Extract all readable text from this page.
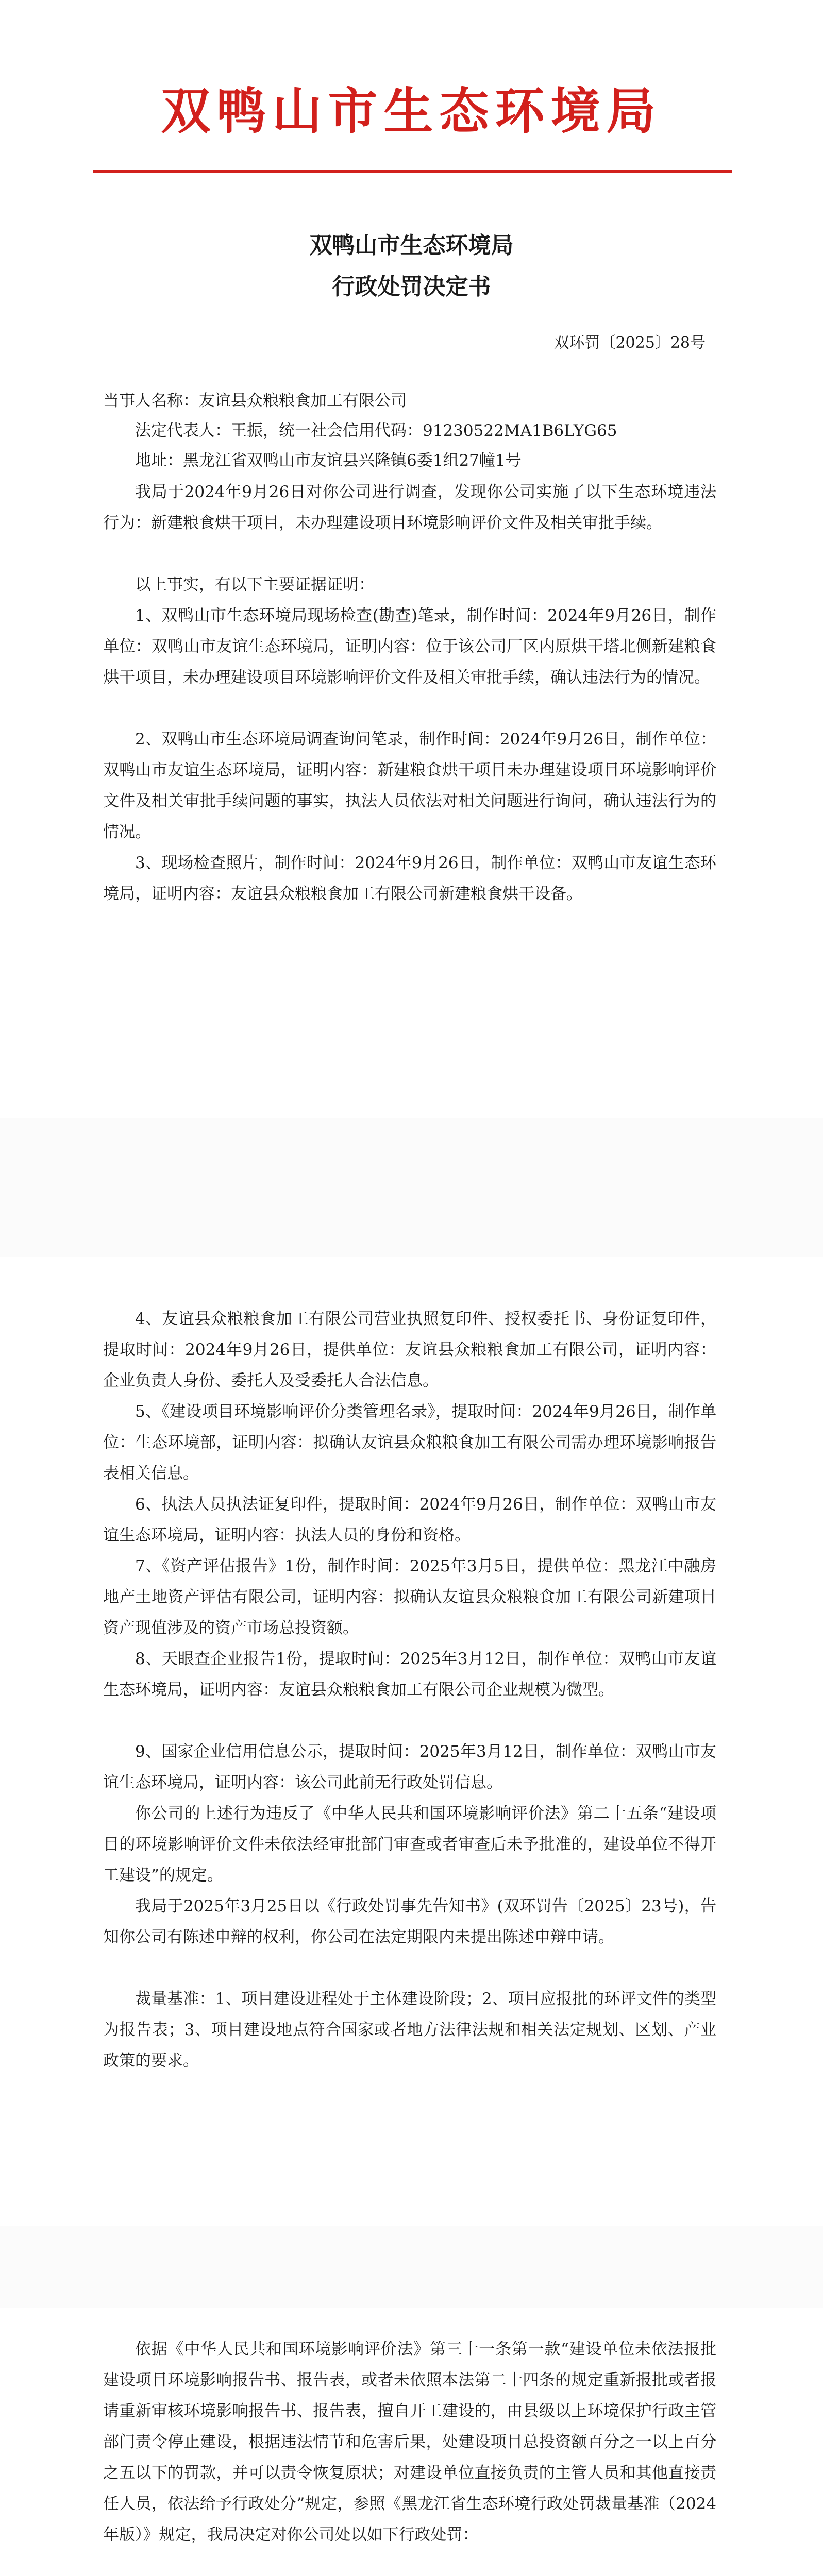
双鸭山市生态环境局
双鸭山市生态环境局
行政处罚决定书
双环罚〔2025〕28号
当事人名称：友谊县众粮粮食加工有限公司
法定代表人：王振，统一社会信用代码：91230522MA1B6LYG65
地址：黑龙江省双鸭山市友谊县兴隆镇6委1组27幢1号
我局于2024年9月26日对你公司进行调查，发现你公司实施了以下生态环境违法行为：新建粮食烘干项目，未办理建设项目环境影响评价文件及相关审批手续。
以上事实，有以下主要证据证明：
1、双鸭山市生态环境局现场检查(勘查)笔录，制作时间：2024年9月26日，制作单位：双鸭山市友谊生态环境局，证明内容：位于该公司厂区内原烘干塔北侧新建粮食烘干项目，未办理建设项目环境影响评价文件及相关审批手续，确认违法行为的情况。
2、双鸭山市生态环境局调查询问笔录，制作时间：2024年9月26日，制作单位：双鸭山市友谊生态环境局，证明内容：新建粮食烘干项目未办理建设项目环境影响评价文件及相关审批手续问题的事实，执法人员依法对相关问题进行询问，确认违法行为的情况。
3、现场检查照片，制作时间：2024年9月26日，制作单位：双鸭山市友谊生态环境局，证明内容：友谊县众粮粮食加工有限公司新建粮食烘干设备。
4、友谊县众粮粮食加工有限公司营业执照复印件、授权委托书、身份证复印件，提取时间：2024年9月26日，提供单位：友谊县众粮粮食加工有限公司，证明内容：企业负责人身份、委托人及受委托人合法信息。
5、《建设项目环境影响评价分类管理名录》，提取时间：2024年9月26日，制作单位：生态环境部，证明内容：拟确认友谊县众粮粮食加工有限公司需办理环境影响报告表相关信息。
6、执法人员执法证复印件，提取时间：2024年9月26日，制作单位：双鸭山市友谊生态环境局，证明内容：执法人员的身份和资格。
7、《资产评估报告》1份，制作时间：2025年3月5日，提供单位：黑龙江中融房地产土地资产评估有限公司，证明内容：拟确认友谊县众粮粮食加工有限公司新建项目资产现值涉及的资产市场总投资额。
8、天眼查企业报告1份，提取时间：2025年3月12日，制作单位：双鸭山市友谊生态环境局，证明内容：友谊县众粮粮食加工有限公司企业规模为微型。
9、国家企业信用信息公示，提取时间：2025年3月12日，制作单位：双鸭山市友谊生态环境局，证明内容：该公司此前无行政处罚信息。
你公司的上述行为违反了《中华人民共和国环境影响评价法》第二十五条“建设项目的环境影响评价文件未依法经审批部门审查或者审查后未予批准的，建设单位不得开工建设”的规定。
我局于2025年3月25日以《行政处罚事先告知书》(双环罚告〔2025〕23号)，告知你公司有陈述申辩的权利，你公司在法定期限内未提出陈述申辩申请。
裁量基准：1、项目建设进程处于主体建设阶段；2、项目应报批的环评文件的类型为报告表；3、项目建设地点符合国家或者地方法律法规和相关法定规划、区划、产业政策的要求。
依据《中华人民共和国环境影响评价法》第三十一条第一款“建设单位未依法报批建设项目环境影响报告书、报告表，或者未依照本法第二十四条的规定重新报批或者报请重新审核环境影响报告书、报告表，擅自开工建设的，由县级以上环境保护行政主管部门责令停止建设，根据违法情节和危害后果，处建设项目总投资额百分之一以上百分之五以下的罚款，并可以责令恢复原状；对建设单位直接负责的主管人员和其他直接责任人员，依法给予行政处分”规定，参照《黑龙江省生态环境行政处罚裁量基准（2024年版）》规定，我局决定对你公司处以如下行政处罚：
